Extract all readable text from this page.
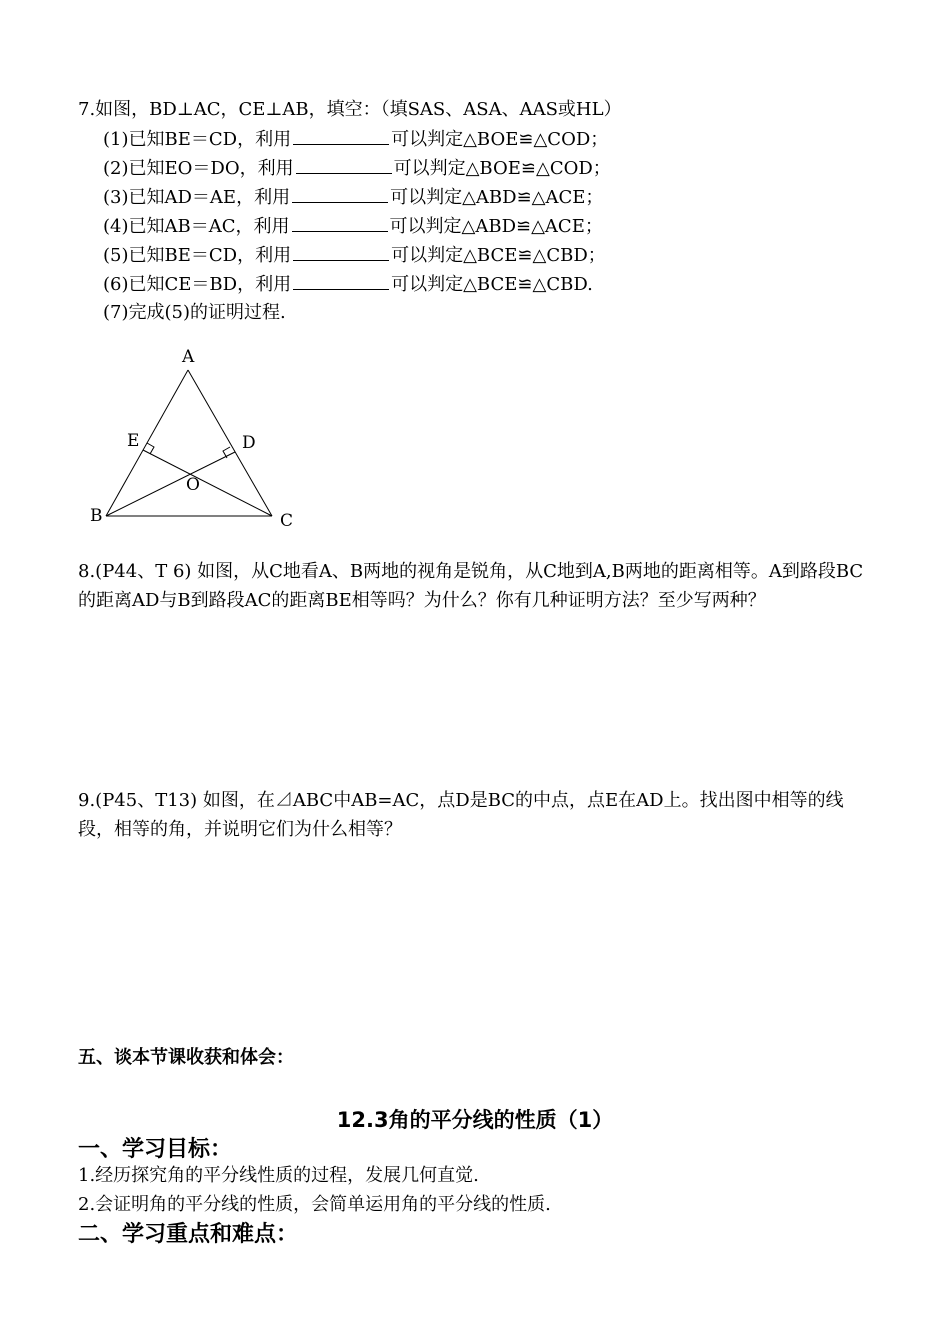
7.如图，BD⊥AC，CE⊥AB，填空：（填SAS、ASA、AAS或HL）
(1)已知BE＝CD，利用	可以判定△BOE≌△COD；
(2)已知EO＝DO，利用	可以判定△BOE≌△COD；
(3)已知AD＝AE，利用	可以判定△ABD≌△ACE；
(4)已知AB＝AC，利用	可以判定△ABD≌△ACE；
(5)已知BE＝CD，利用	可以判定△BCE≌△CBD；
(6)已知CE＝BD，利用	可以判定△BCE≌△CBD.
(7)完成(5)的证明过程.
A
E	D
O
B	C
8.(P44、T 6) 如图，从C地看A、B两地的视角是锐角，从C地到A,B两地的距离相等。A到路段BC的距离AD与B到路段AC的距离BE相等吗？为什么？你有几种证明方法？至少写两种？
9.(P45、T13) 如图，在⊿ABC中AB=AC，点D是BC的中点，点E在AD上。找出图中相等的线段，相等的角，并说明它们为什么相等？
五、谈本节课收获和体会：
12.3角的平分线的性质（1）
一、学习目标：
1.经历探究角的平分线性质的过程，发展几何直觉.
2.会证明角的平分线的性质，会简单运用角的平分线的性质.
二、学习重点和难点：
